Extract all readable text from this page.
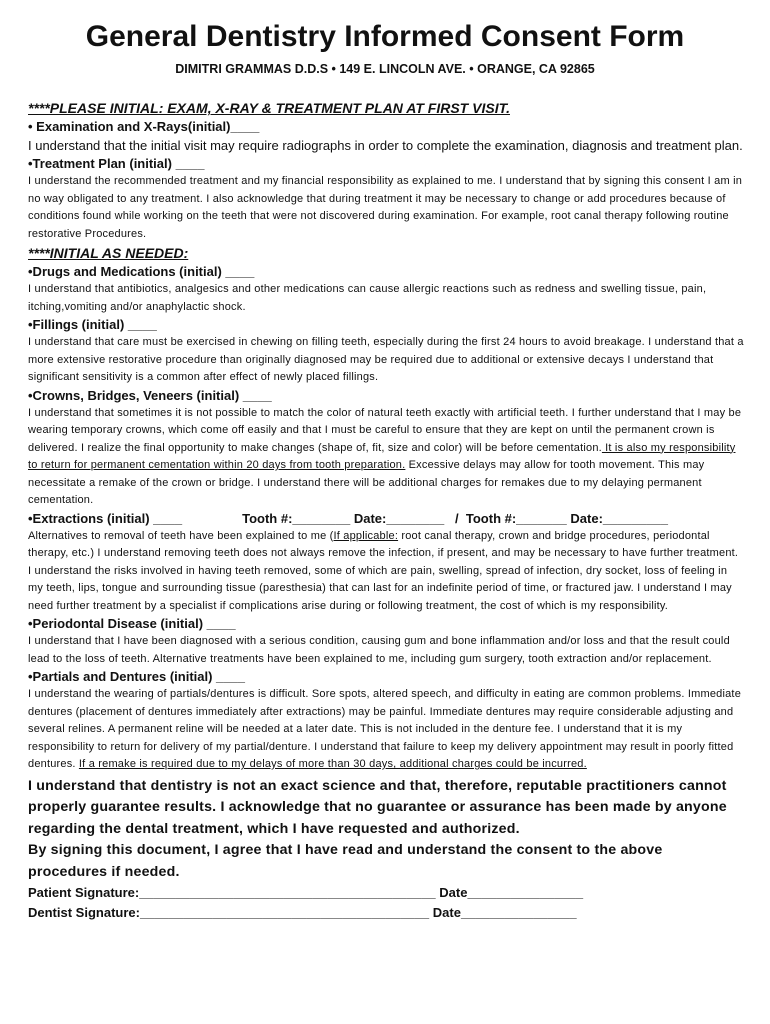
General Dentistry Informed Consent Form

DIMITRI GRAMMAS D.D.S • 149 E. LINCOLN AVE. • ORANGE, CA 92865

****PLEASE INITIAL: EXAM, X-RAY & TREATMENT PLAN AT FIRST VISIT.

• Examination and X-Rays(initial)____

I understand that the initial visit may require radiographs in order to complete the examination, diagnosis and treatment plan.

•Treatment Plan (initial) ____

I understand the recommended treatment and my financial responsibility as explained to me. I understand that by signing this consent I am in no way obligated to any treatment. I also acknowledge that during treatment it may be necessary to change or add procedures because of conditions found while working on the teeth that were not discovered during examination. For example, root canal therapy following routine restorative Procedures.

****INITIAL AS NEEDED:

•Drugs and Medications (initial) ____

I understand that antibiotics, analgesics and other medications can cause allergic reactions such as redness and swelling tissue, pain, itching,vomiting and/or anaphylactic shock.

•Fillings (initial) ____

I understand that care must be exercised in chewing on filling teeth, especially during the first 24 hours to avoid breakage. I understand that a more extensive restorative procedure than originally diagnosed may be required due to additional or extensive decays I understand that significant sensitivity is a common after effect of newly placed fillings.

•Crowns, Bridges, Veneers (initial) ____

I understand that sometimes it is not possible to match the color of natural teeth exactly with artificial teeth. I further understand that I may be wearing temporary crowns, which come off easily and that I must be careful to ensure that they are kept on until the permanent crown is delivered. I realize the final opportunity to make changes (shape of, fit, size and color) will be before cementation. It is also my responsibility to return for permanent cementation within 20 days from tooth preparation. Excessive delays may allow for tooth movement. This may necessitate a remake of the crown or bridge. I understand there will be additional charges for remakes due to my delaying permanent cementation.

•Extractions (initial) ____	Tooth #:________ Date:________   /  Tooth #:_______ Date:_________

Alternatives to removal of teeth have been explained to me (If applicable: root canal therapy, crown and bridge procedures, periodontal therapy, etc.) I understand removing teeth does not always remove the infection, if present, and may be necessary to have further treatment. I understand the risks involved in having teeth removed, some of which are pain, swelling, spread of infection, dry socket, loss of feeling in my teeth, lips, tongue and surrounding tissue (paresthesia) that can last for an indefinite period of time, or fractured jaw. I understand I may need further treatment by a specialist if complications arise during or following treatment, the cost of which is my responsibility.

•Periodontal Disease (initial) ____

I understand that I have been diagnosed with a serious condition, causing gum and bone inflammation and/or loss and that the result could lead to the loss of teeth. Alternative treatments have been explained to me, including gum surgery, tooth extraction and/or replacement.

•Partials and Dentures (initial) ____

I understand the wearing of partials/dentures is difficult. Sore spots, altered speech, and difficulty in eating are common problems. Immediate dentures (placement of dentures immediately after extractions) may be painful. Immediate dentures may require considerable adjusting and several relines. A permanent reline will be needed at a later date. This is not included in the denture fee. I understand that it is my responsibility to return for delivery of my partial/denture. I understand that failure to keep my delivery appointment may result in poorly fitted dentures. If a remake is required due to my delays of more than 30 days, additional charges could be incurred.

I understand that dentistry is not an exact science and that, therefore, reputable practitioners cannot properly guarantee results. I acknowledge that no guarantee or assurance has been made by anyone regarding the dental treatment, which I have requested and authorized.

By signing this document, I agree that I have read and understand the consent to the above procedures if needed.

Patient Signature:_________________________________________ Date________________

Dentist Signature:________________________________________ Date________________
